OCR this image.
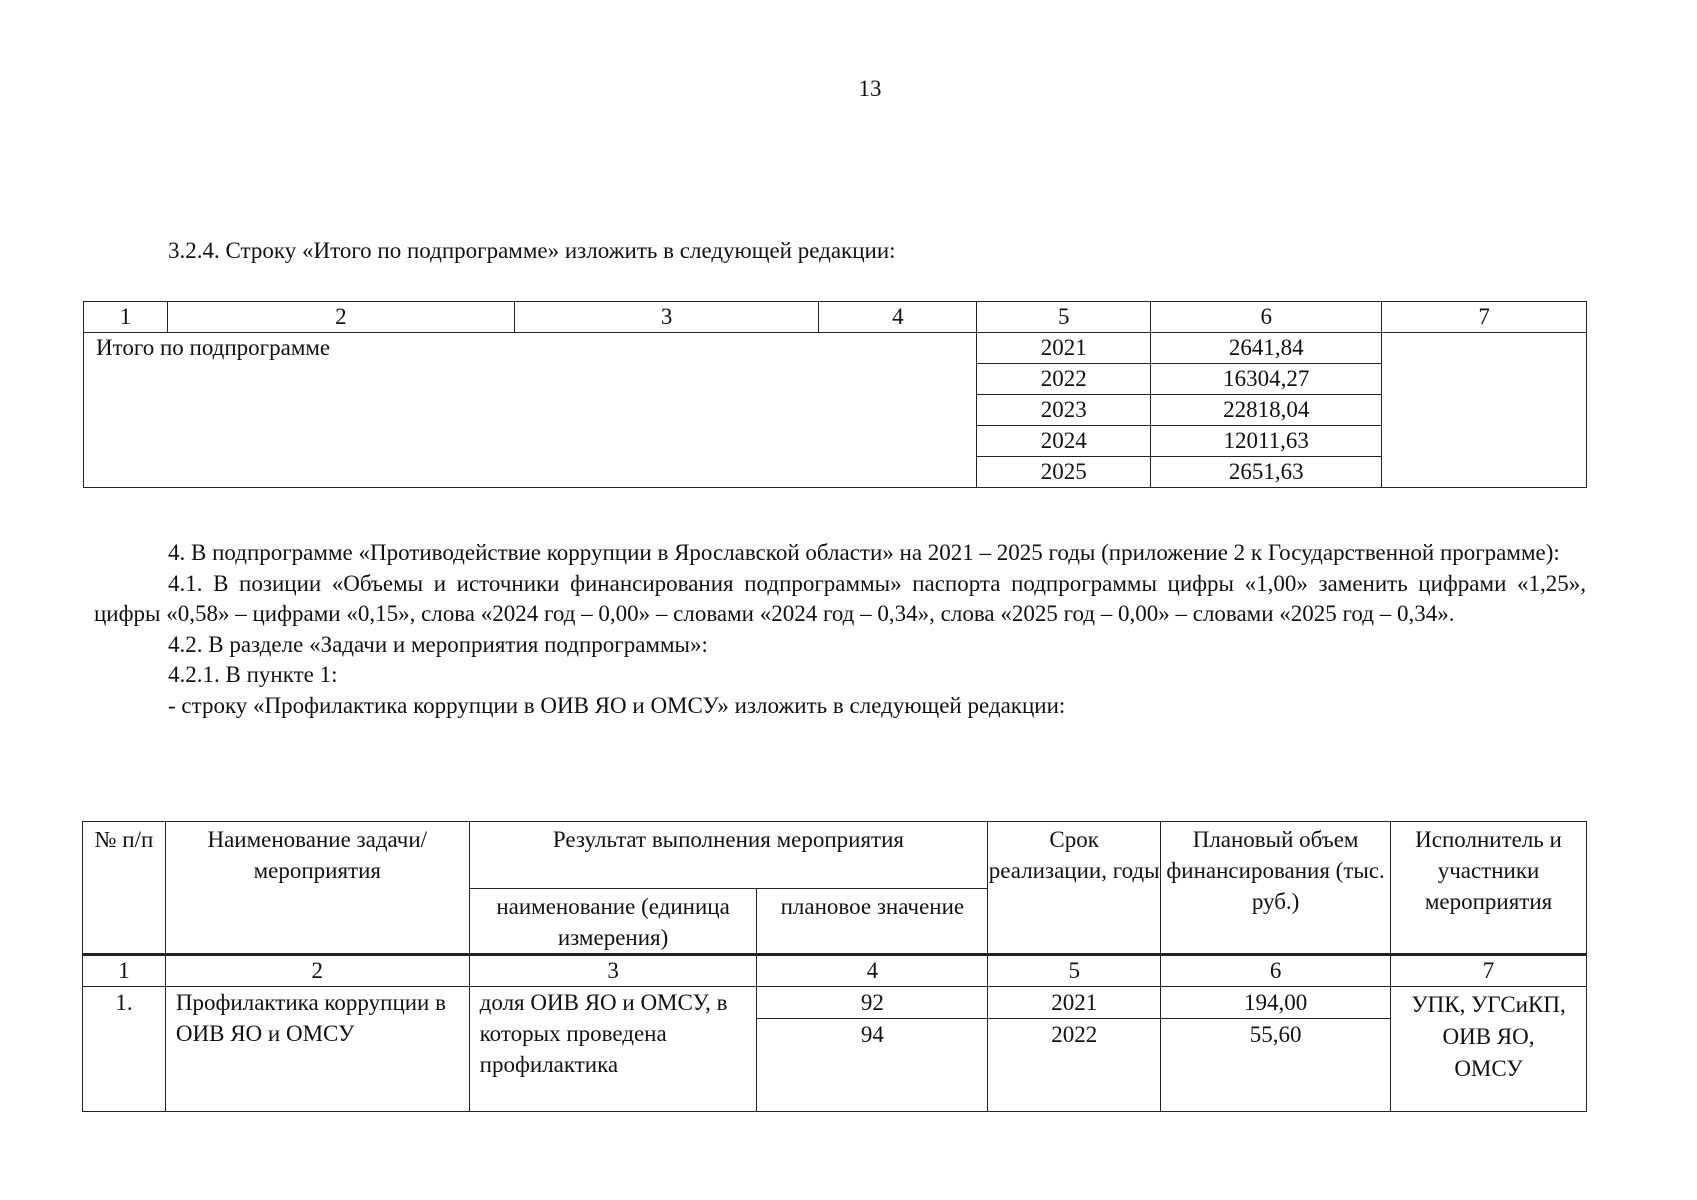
13
3.2.4. Строку «Итого по подпрограмме» изложить в следующей редакции:
1	2	3	4	5	6	7
Итого по подпрограмме				2021	2641,84	
				2022	16304,27	
				2023	22818,04	
				2024	12011,63	
				2025	2651,63	

4. В подпрограмме «Противодействие коррупции в Ярославской области» на 2021 – 2025 годы (приложение 2 к Государственной программе):

4.1. В позиции «Объемы и источники финансирования подпрограммы» паспорта подпрограммы цифры «1,00» заменить цифрами «1,25», цифры «0,58» – цифрами «0,15», слова «2024 год – 0,00» – словами «2024 год – 0,34», слова «2025 год – 0,00» – словами «2025 год – 0,34».

4.2. В разделе «Задачи и мероприятия подпрограммы»:

4.2.1. В пункте 1:

- строку «Профилактика коррупции в ОИВ ЯО и ОМСУ» изложить в следующей редакции:

№ п/п	Наименование задачи/мероприятия	Результат выполнения мероприятия		Срок реализации, годы	Плановый объем финансирования (тыс. руб.)	Исполнитель и участники мероприятия
		наименование (единица измерения)	плановое значение			
1	2	3	4	5	6	7
1.	Профилактика коррупции в ОИВ ЯО и ОМСУ	доля ОИВ ЯО и ОМСУ, в которых проведена профилактика	92	2021	194,00	УПК, УГСиКП, ОИВ ЯО, ОМСУ
			94	2022	55,60	
